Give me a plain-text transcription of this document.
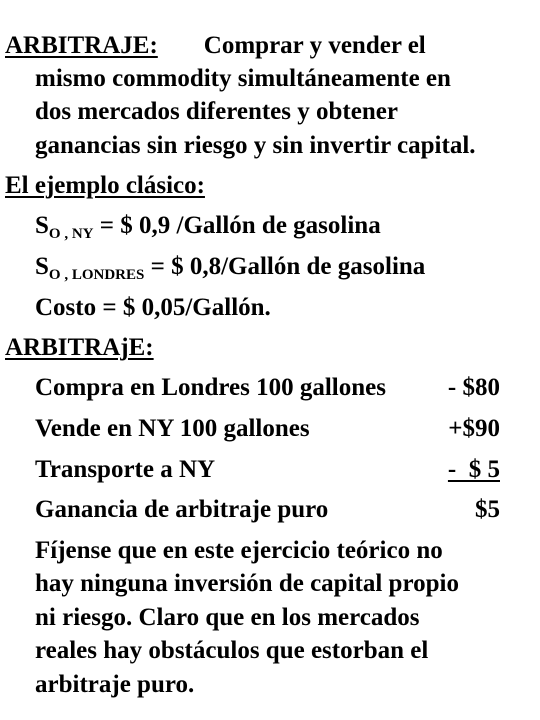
ARBITRAJE: Comprar y vender el
mismo commodity simultáneamente en
dos mercados diferentes y obtener
ganancias sin riesgo y sin invertir capital.
El ejemplo clásico:
$S_{O , NY}$ = $ 0,9 /Gallón de gasolina
$S_{O , LONDRES}$ = $ 0,8/Gallón de gasolina
Costo = $ 0,05/Gallón.
ARBITRAjE:
Compra en Londres 100 gallones - $80
Vende en NY 100 gallones	+$90
Transporte a NY	-  $ 5
Ganancia de arbitraje puro	$5
Fíjense que en este ejercicio teórico no
hay ninguna inversión de capital propio
ni riesgo. Claro que en los mercados
reales hay obstáculos que estorban el
arbitraje puro.
